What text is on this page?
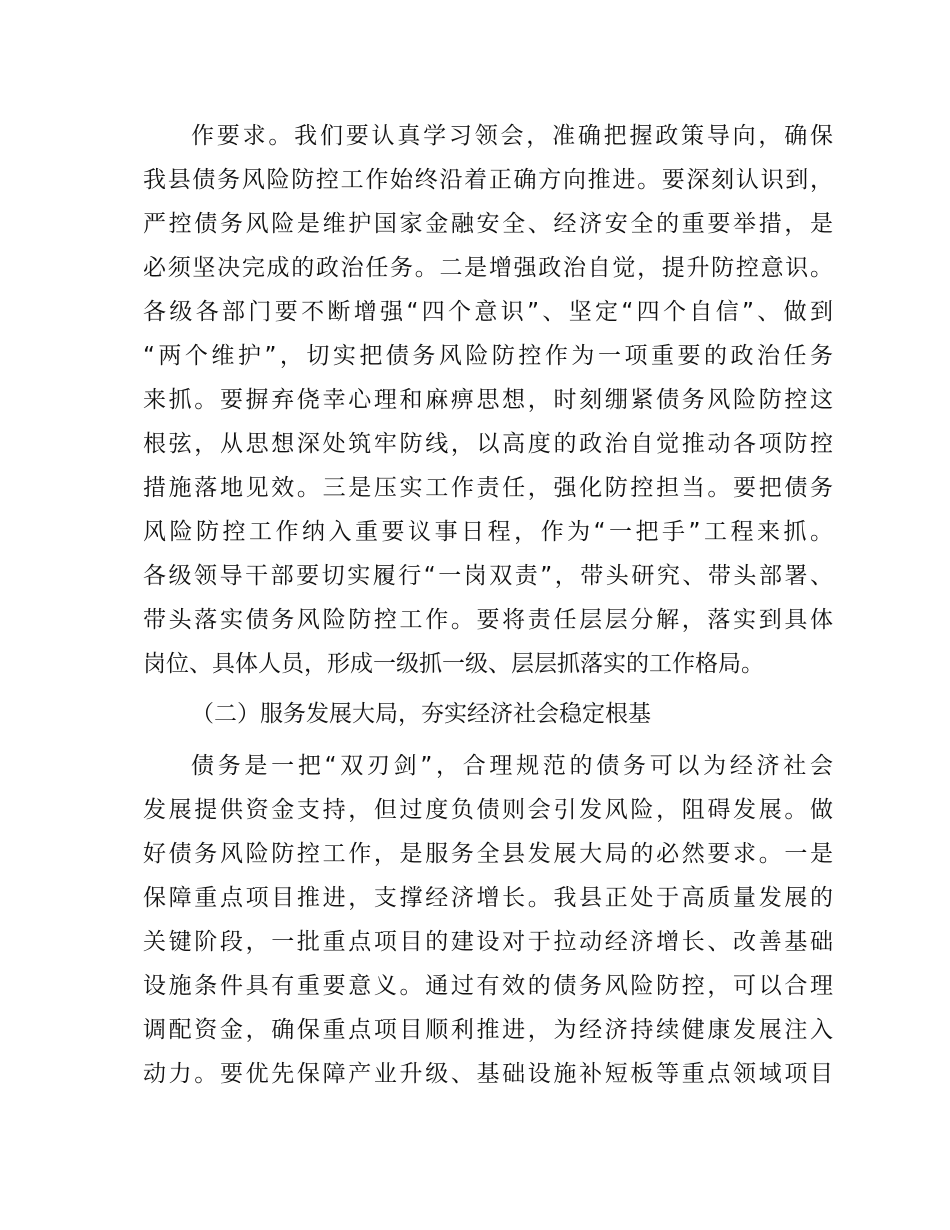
作要求。我们要认真学习领会，准确把握政策导向，确保
我县债务风险防控工作始终沿着正确方向推进。要深刻认识到，
严控债务风险是维护国家金融安全、经济安全的重要举措，是
必须坚决完成的政治任务。二是增强政治自觉，提升防控意识。
各级各部门要不断增强“四个意识”、坚定“四个自信”、做到
“两个维护”，切实把债务风险防控作为一项重要的政治任务
来抓。要摒弃侥幸心理和麻痹思想，时刻绷紧债务风险防控这
根弦，从思想深处筑牢防线，以高度的政治自觉推动各项防控
措施落地见效。三是压实工作责任，强化防控担当。要把债务
风险防控工作纳入重要议事日程，作为“一把手”工程来抓。
各级领导干部要切实履行“一岗双责”，带头研究、带头部署、
带头落实债务风险防控工作。要将责任层层分解，落实到具体
岗位、具体人员，形成一级抓一级、层层抓落实的工作格局。
（二）服务发展大局，夯实经济社会稳定根基
债务是一把“双刃剑”，合理规范的债务可以为经济社会
发展提供资金支持，但过度负债则会引发风险，阻碍发展。做
好债务风险防控工作，是服务全县发展大局的必然要求。一是
保障重点项目推进，支撑经济增长。我县正处于高质量发展的
关键阶段，一批重点项目的建设对于拉动经济增长、改善基础
设施条件具有重要意义。通过有效的债务风险防控，可以合理
调配资金，确保重点项目顺利推进，为经济持续健康发展注入
动力。要优先保障产业升级、基础设施补短板等重点领域项目
